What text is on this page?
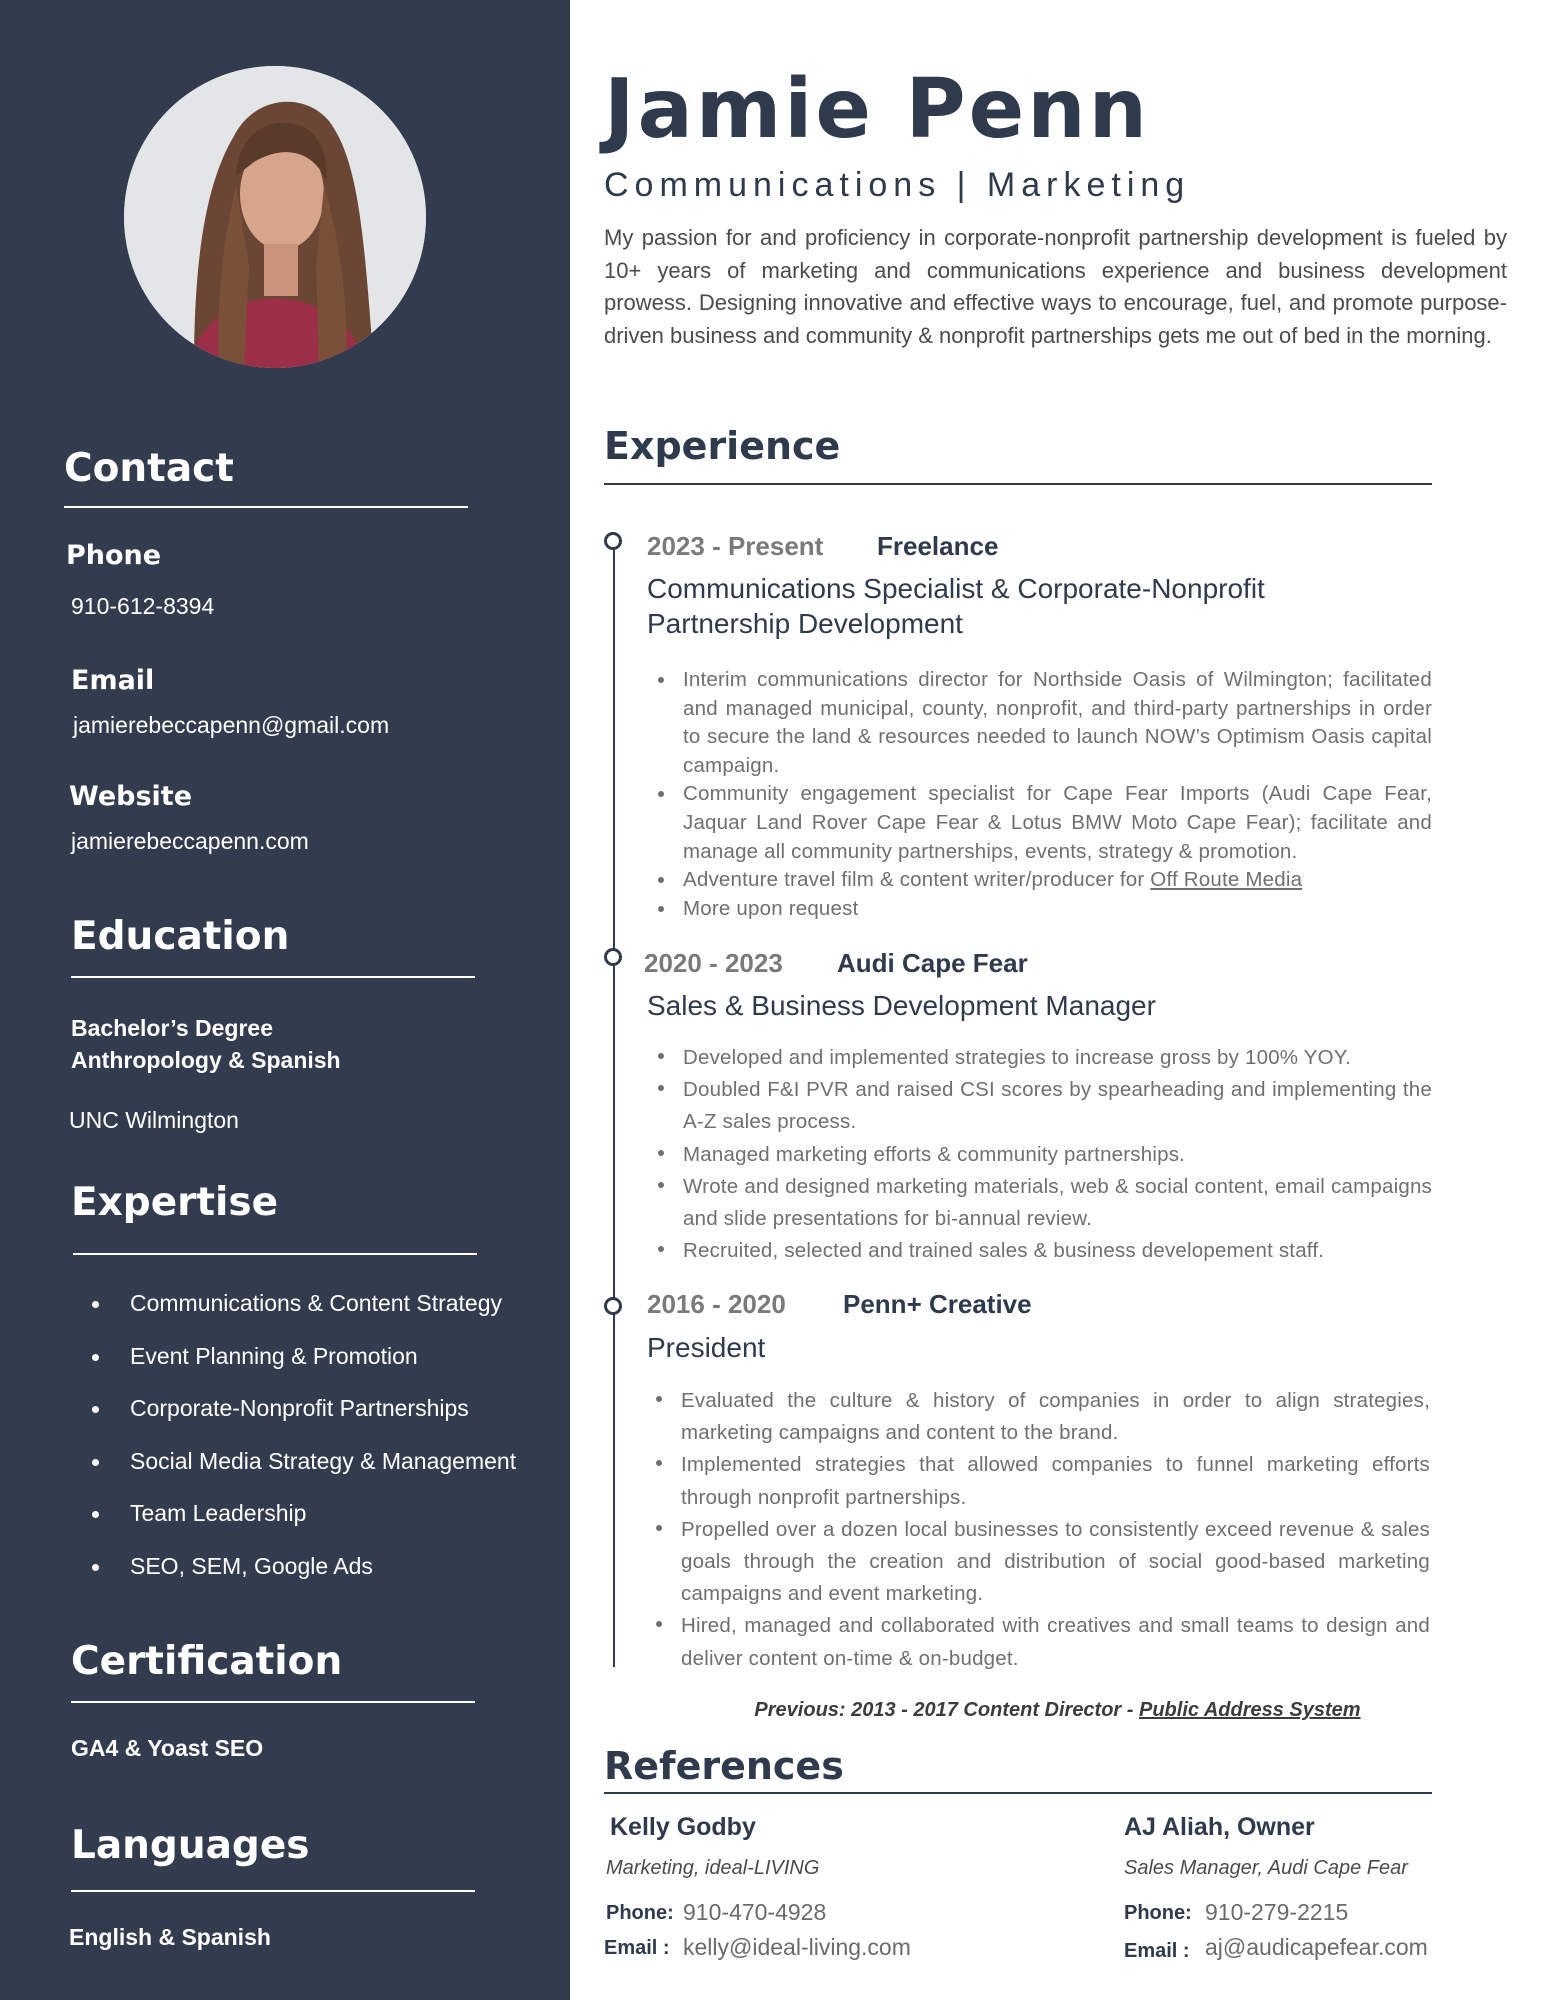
Contact
Phone
910-612-8394
Email
jamierebeccapenn@gmail.com
Website
jamierebeccapenn.com
Education
Bachelor’s Degree
Anthropology & Spanish
UNC Wilmington
Expertise
Communications & Content Strategy
Event Planning & Promotion
Corporate-Nonprofit Partnerships
Social Media Strategy & Management
Team Leadership
SEO, SEM, Google Ads
Certification
GA4 & Yoast SEO
Languages
English & Spanish
Jamie Penn
Communications | Marketing

My passion for and proficiency in corporate-nonprofit partnership development is fueled by 10+ years of marketing and communications experience and business development prowess. Designing innovative and effective ways to encourage, fuel, and promote purpose-driven business and community & nonprofit partnerships gets me out of bed in the morning.

Experience
2023 - Present Freelance
Communications Specialist & Corporate-Nonprofit
Partnership Development
Interim communications director for Northside Oasis of Wilmington; facilitated and managed municipal, county, nonprofit, and third-party partnerships in order to secure the land & resources needed to launch NOW’s Optimism Oasis capital campaign.
Community engagement specialist for Cape Fear Imports (Audi Cape Fear, Jaquar Land Rover Cape Fear & Lotus BMW Moto Cape Fear); facilitate and manage all community partnerships, events, strategy & promotion.
Adventure travel film & content writer/producer for Off Route Media
More upon request
2020 - 2023 Audi Cape Fear
Sales & Business Development Manager
Developed and implemented strategies to increase gross by 100% YOY.
Doubled F&I PVR and raised CSI scores by spearheading and implementing the A-Z sales process.
Managed marketing efforts & community partnerships.
Wrote and designed marketing materials, web & social content, email campaigns and slide presentations for bi-annual review.
Recruited, selected and trained sales & business developement staff.
2016 - 2020 Penn+ Creative
President
Evaluated the culture & history of companies in order to align strategies, marketing campaigns and content to the brand.
Implemented strategies that allowed companies to funnel marketing efforts through nonprofit partnerships.
Propelled over a dozen local businesses to consistently exceed revenue & sales goals through the creation and distribution of social good-based marketing campaigns and event marketing.
Hired, managed and collaborated with creatives and small teams to design and deliver content on-time & on-budget.
Previous: 2013 - 2017 Content Director - Public Address System
References
Kelly Godby
Marketing, ideal-LIVING
Phone: 910-470-4928
Email : kelly@ideal-living.com
AJ Aliah, Owner
Sales Manager, Audi Cape Fear
Phone: 910-279-2215
Email : aj@audicapefear.com
